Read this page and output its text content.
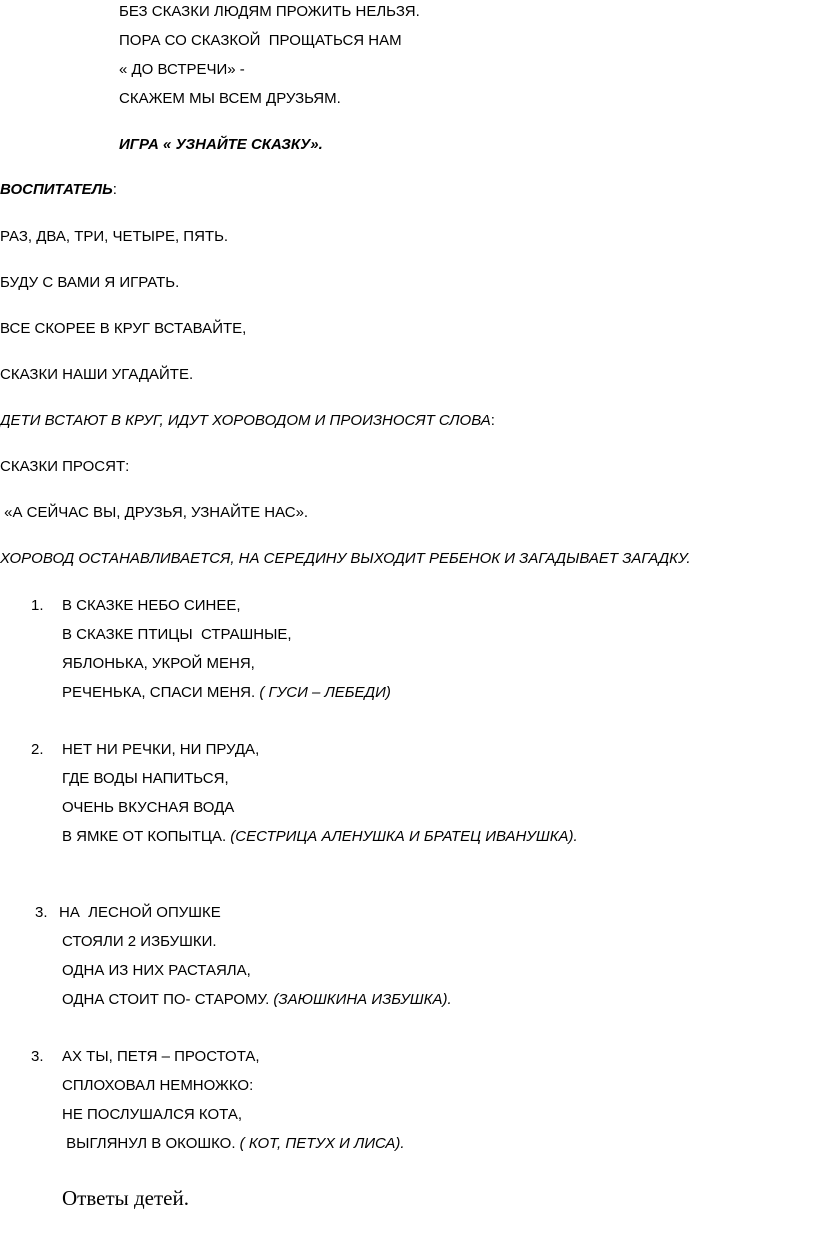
БЕЗ СКАЗКИ ЛЮДЯМ ПРОЖИТЬ НЕЛЬЗЯ.
ПОРА СО СКАЗКОЙ  ПРОЩАТЬСЯ НАМ
« ДО ВСТРЕЧИ» -
СКАЖЕМ МЫ ВСЕМ ДРУЗЬЯМ.
ИГРА « УЗНАЙТЕ СКАЗКУ».
ВОСПИТАТЕЛЬ:
РАЗ, ДВА, ТРИ, ЧЕТЫРЕ, ПЯТЬ.
БУДУ С ВАМИ Я ИГРАТЬ.
ВСЕ СКОРЕЕ В КРУГ ВСТАВАЙТЕ,
СКАЗКИ НАШИ УГАДАЙТЕ.
ДЕТИ ВСТАЮТ В КРУГ, ИДУТ ХОРОВОДОМ И ПРОИЗНОСЯТ СЛОВА:
СКАЗКИ ПРОСЯТ:
«А СЕЙЧАС ВЫ, ДРУЗЬЯ, УЗНАЙТЕ НАС».
ХОРОВОД ОСТАНАВЛИВАЕТСЯ, НА СЕРЕДИНУ ВЫХОДИТ РЕБЕНОК И ЗАГАДЫВАЕТ ЗАГАДКУ.
1. В СКАЗКЕ НЕБО СИНЕЕ,
В СКАЗКЕ ПТИЦЫ  СТРАШНЫЕ,
ЯБЛОНЬКА, УКРОЙ МЕНЯ,
РЕЧЕНЬКА, СПАСИ МЕНЯ. ( ГУСИ – ЛЕБЕДИ)
2. НЕТ НИ РЕЧКИ, НИ ПРУДА,
ГДЕ ВОДЫ НАПИТЬСЯ,
ОЧЕНЬ ВКУСНАЯ ВОДА
В ЯМКЕ ОТ КОПЫТЦА. (СЕСТРИЦА АЛЕНУШКА И БРАТЕЦ ИВАНУШКА).
3. НА  ЛЕСНОЙ ОПУШКЕ
СТОЯЛИ 2 ИЗБУШКИ.
ОДНА ИЗ НИХ РАСТАЯЛА,
ОДНА СТОИТ ПО- СТАРОМУ. (ЗАЮШКИНА ИЗБУШКА).
3. АХ ТЫ, ПЕТЯ – ПРОСТОТА,
СПЛОХОВАЛ НЕМНОЖКО:
НЕ ПОСЛУШАЛСЯ КОТА,
ВЫГЛЯНУЛ В ОКОШКО. ( КОТ, ПЕТУХ И ЛИСА).
Ответы детей.
